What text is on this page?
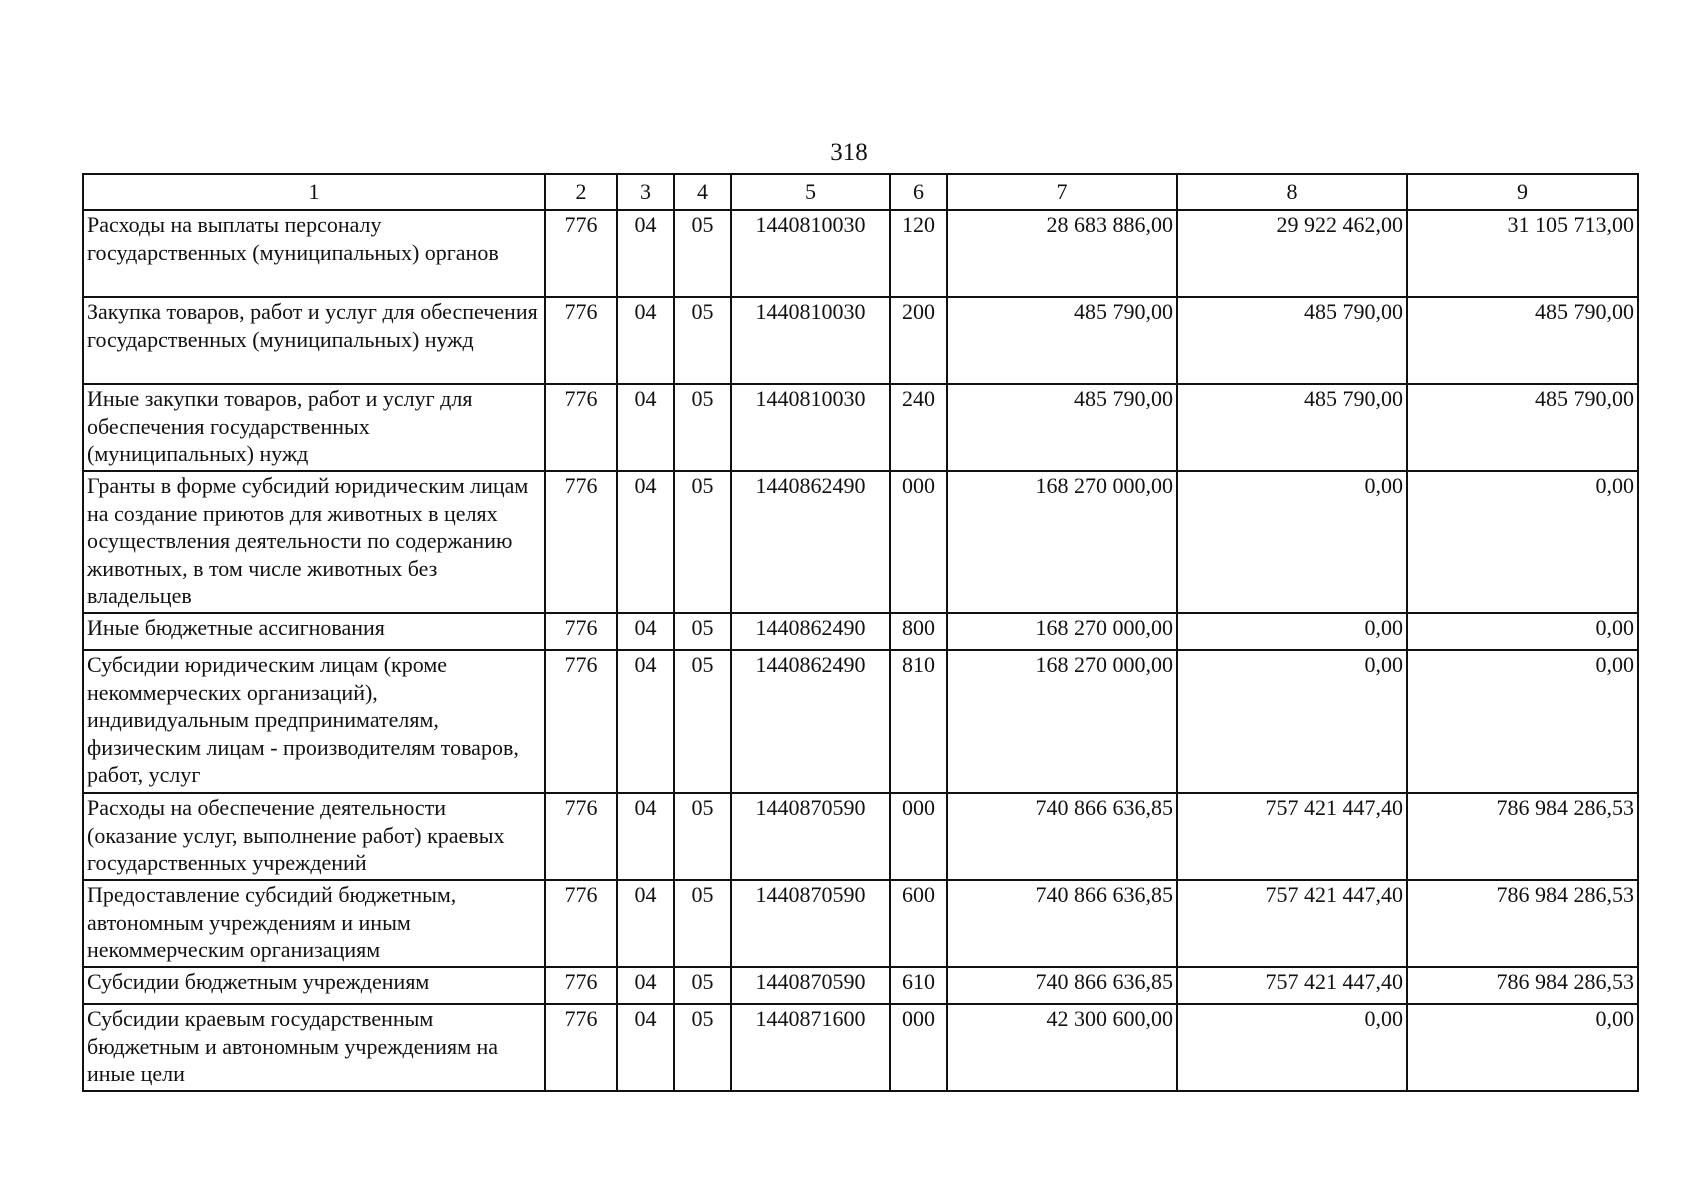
318
1	2	3	4	5	6	7	8	9
Расходы на выплаты персоналу государственных (муниципальных) органов	776	04	05	1440810030	120	28 683 886,00	29 922 462,00	31 105 713,00
Закупка товаров, работ и услуг для обеспечения государственных (муниципальных) нужд	776	04	05	1440810030	200	485 790,00	485 790,00	485 790,00
Иные закупки товаров, работ и услуг для обеспечения государственных (муниципальных) нужд	776	04	05	1440810030	240	485 790,00	485 790,00	485 790,00
Гранты в форме субсидий юридическим лицам на создание приютов для животных в целях осуществления деятельности по содержанию животных, в том числе животных без владельцев	776	04	05	1440862490	000	168 270 000,00	0,00	0,00
Иные бюджетные ассигнования	776	04	05	1440862490	800	168 270 000,00	0,00	0,00
Субсидии юридическим лицам (кроме некоммерческих организаций), индивидуальным предпринимателям, физическим лицам - производителям товаров, работ, услуг	776	04	05	1440862490	810	168 270 000,00	0,00	0,00
Расходы на обеспечение деятельности (оказание услуг, выполнение работ) краевых государственных учреждений	776	04	05	1440870590	000	740 866 636,85	757 421 447,40	786 984 286,53
Предоставление субсидий бюджетным, автономным учреждениям и иным некоммерческим организациям	776	04	05	1440870590	600	740 866 636,85	757 421 447,40	786 984 286,53
Субсидии бюджетным учреждениям	776	04	05	1440870590	610	740 866 636,85	757 421 447,40	786 984 286,53
Субсидии краевым государственным бюджетным и автономным учреждениям на иные цели	776	04	05	1440871600	000	42 300 600,00	0,00	0,00
